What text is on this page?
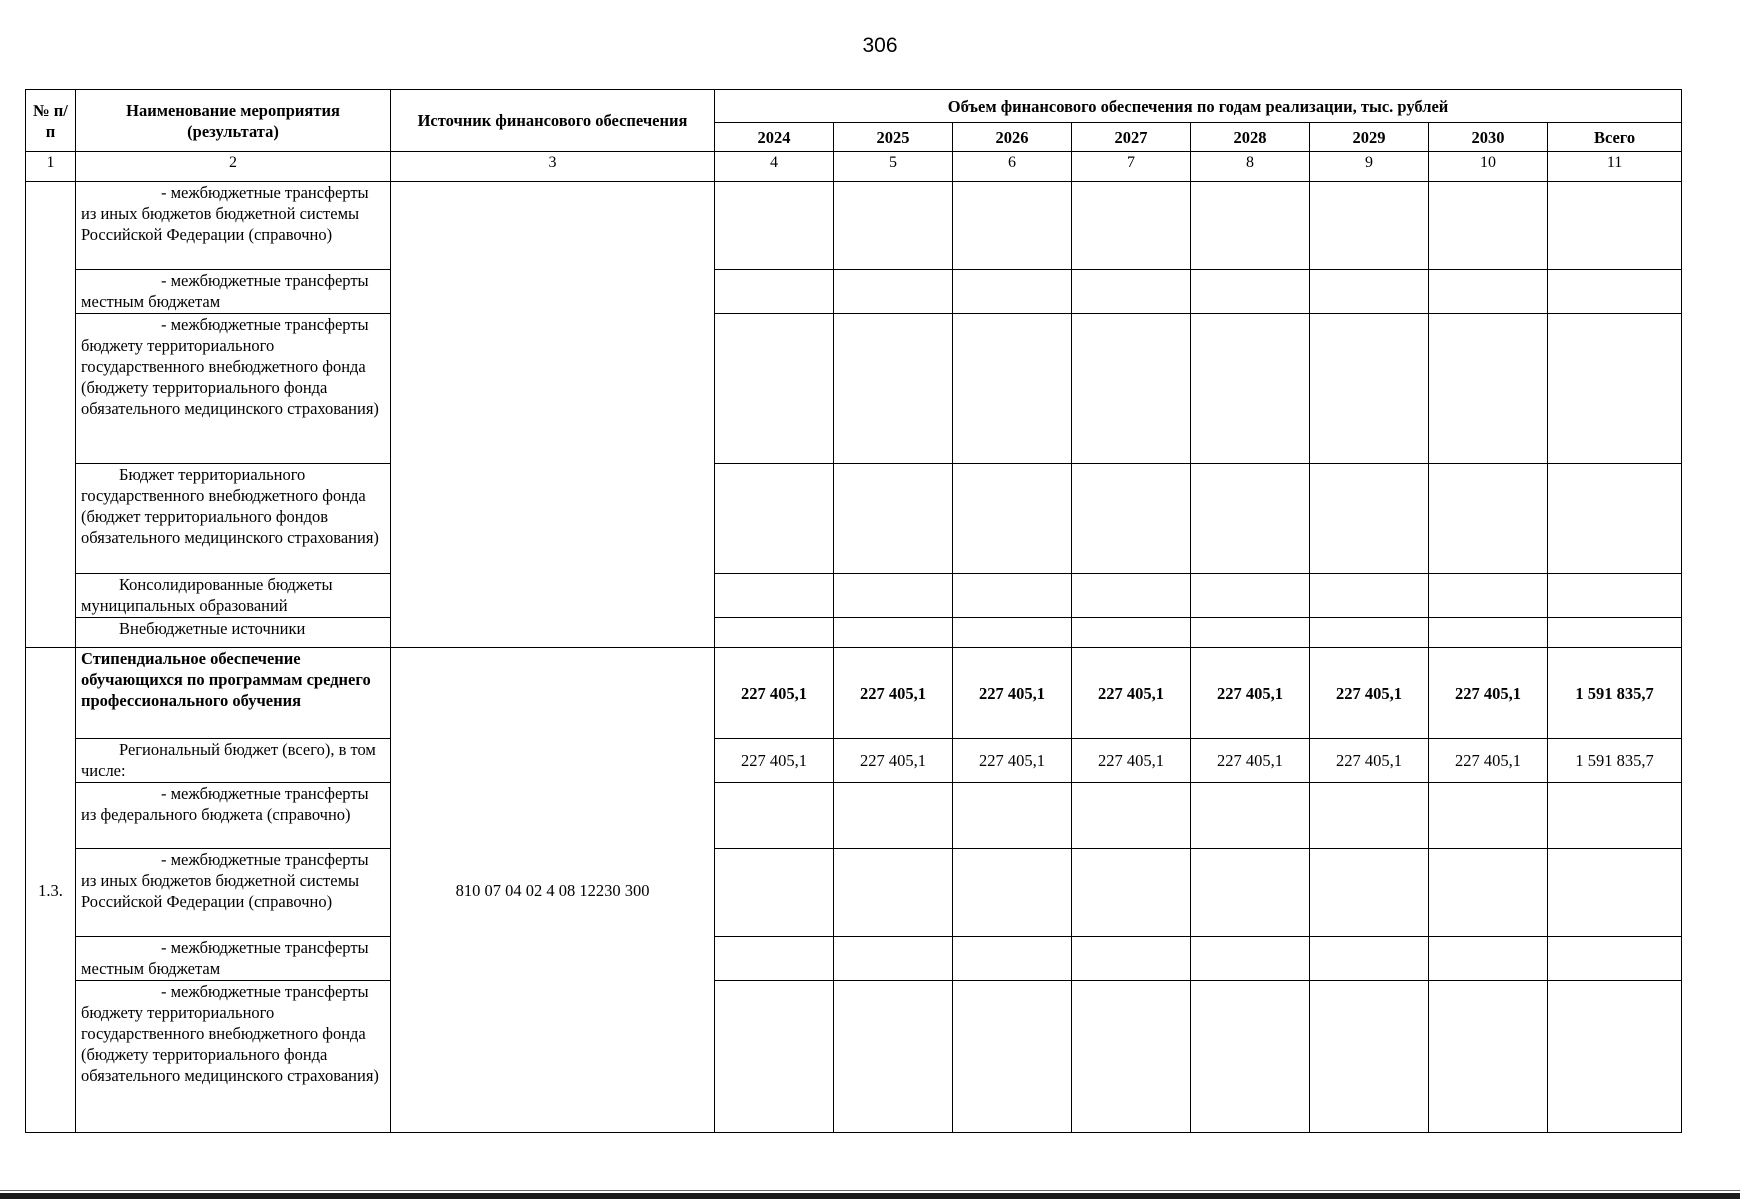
306
№ п/п	Наименование мероприятия (результата)	Источник финансового обеспечения	Объем финансового обеспечения по годам реализации, тыс. рублей							
			2024	2025	2026	2027	2028	2029	2030	Всего
1	2	3	4	5	6	7	8	9	10	11

	- межбюджетные трансферты из иных бюджетов бюджетной системы Российской Федерации (справочно)									

	- межбюджетные трансферты местным бюджетам									

	- межбюджетные трансферты бюджету территориального государственного внебюджетного фонда (бюджету территориального фонда обязательного медицинского страхования)									

	Бюджет территориального государственного внебюджетного фонда (бюджет территориального фондов обязательного медицинского страхования)									

	Консолидированные бюджеты муниципальных образований									

	Внебюджетные источники									

1.3.	Стипендиальное обеспечение обучающихся по программам среднего профессионального обучения	810 07 04 02 4 08 12230 300	227 405,1	227 405,1	227 405,1	227 405,1	227 405,1	227 405,1	227 405,1	1 591 835,7

	Региональный бюджет (всего), в том числе:		227 405,1	227 405,1	227 405,1	227 405,1	227 405,1	227 405,1	227 405,1	1 591 835,7

	- межбюджетные трансферты из федерального бюджета (справочно)									

	- межбюджетные трансферты из иных бюджетов бюджетной системы Российской Федерации (справочно)									

	- межбюджетные трансферты местным бюджетам									

	- межбюджетные трансферты бюджету территориального государственного внебюджетного фонда (бюджету территориального фонда обязательного медицинского страхования)									
